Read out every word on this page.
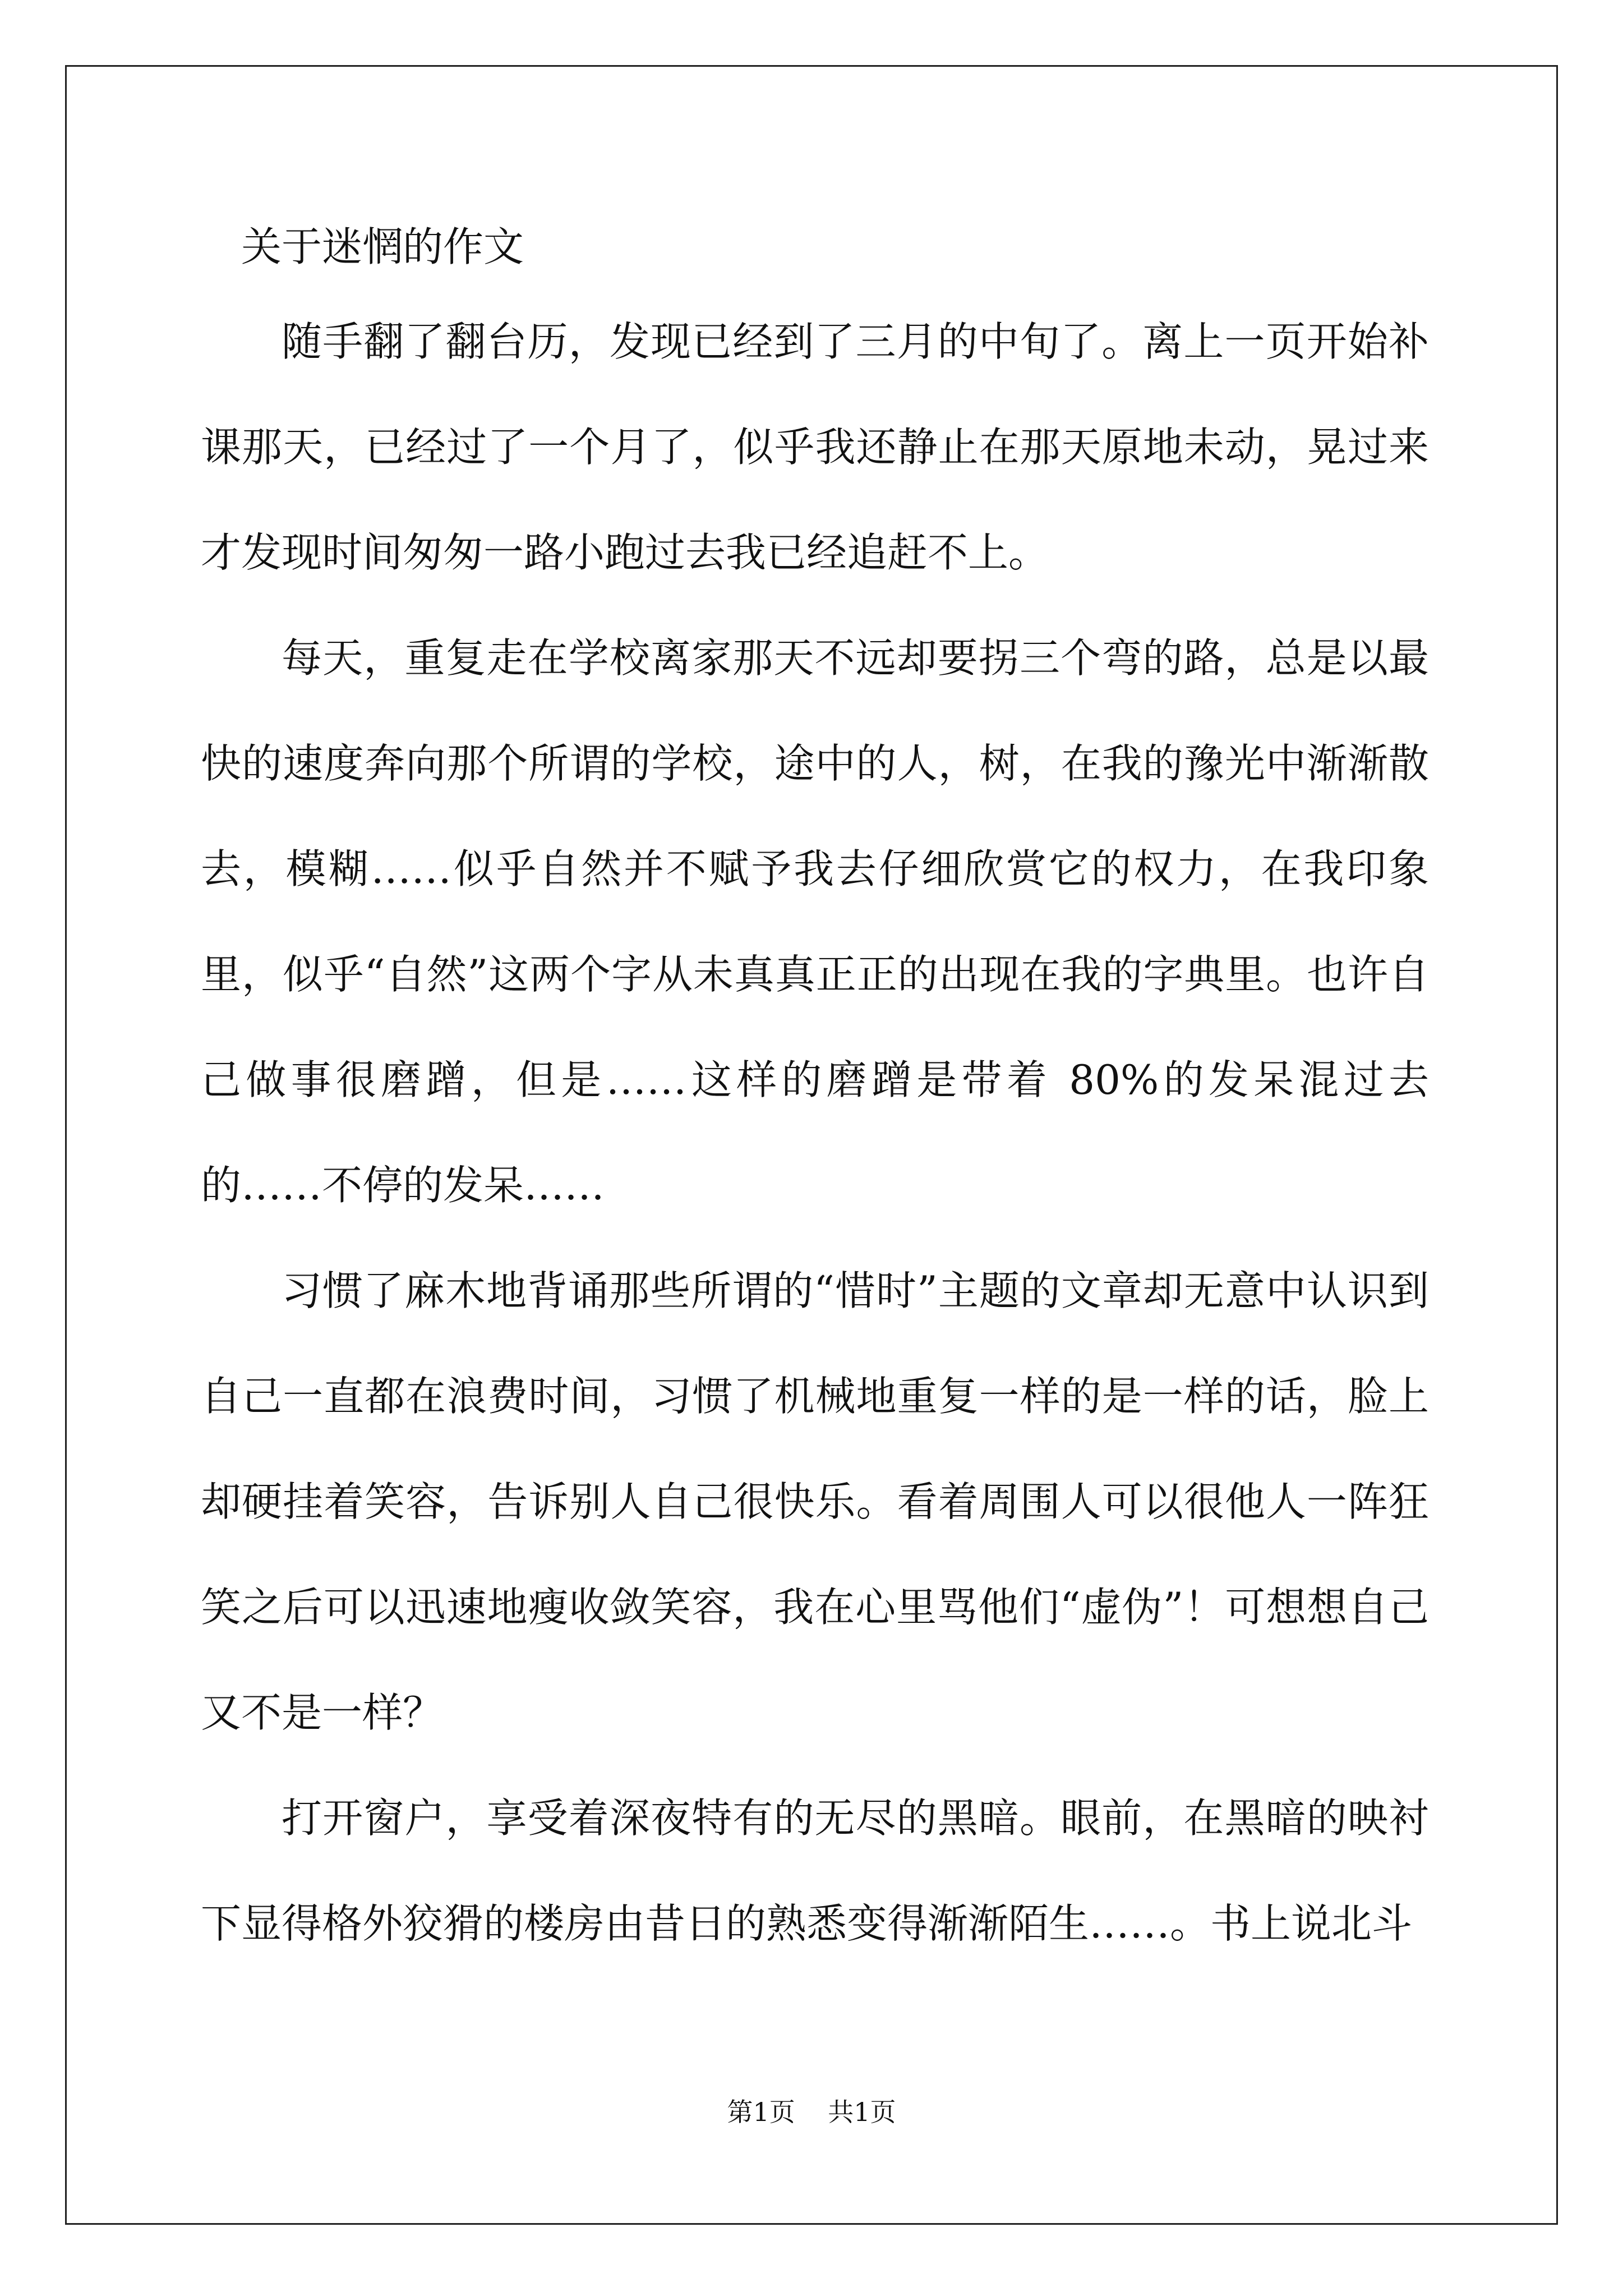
关于迷惘的作文

随手翻了翻台历，发现已经到了三月的中旬了。离上一页开始补课那天，已经过了一个月了，似乎我还静止在那天原地未动，晃过来才发现时间匆匆一路小跑过去我已经追赶不上。

每天，重复走在学校离家那天不远却要拐三个弯的路，总是以最快的速度奔向那个所谓的学校，途中的人，树，在我的豫光中渐渐散去，模糊……似乎自然并不赋予我去仔细欣赏它的权力，在我印象里，似乎“自然”这两个字从未真真正正的出现在我的字典里。也许自己做事很磨蹭，但是……这样的磨蹭是带着 80%的发呆混过去的……不停的发呆……

习惯了麻木地背诵那些所谓的“惜时”主题的文章却无意中认识到自己一直都在浪费时间，习惯了机械地重复一样的是一样的话，脸上却硬挂着笑容，告诉别人自己很快乐。看着周围人可以很他人一阵狂笑之后可以迅速地瘦收敛笑容，我在心里骂他们“虚伪”！可想想自己又不是一样？

打开窗户，享受着深夜特有的无尽的黑暗。眼前，在黑暗的映衬下显得格外狡猾的楼房由昔日的熟悉变得渐渐陌生……。书上说北斗

第1页 共1页
